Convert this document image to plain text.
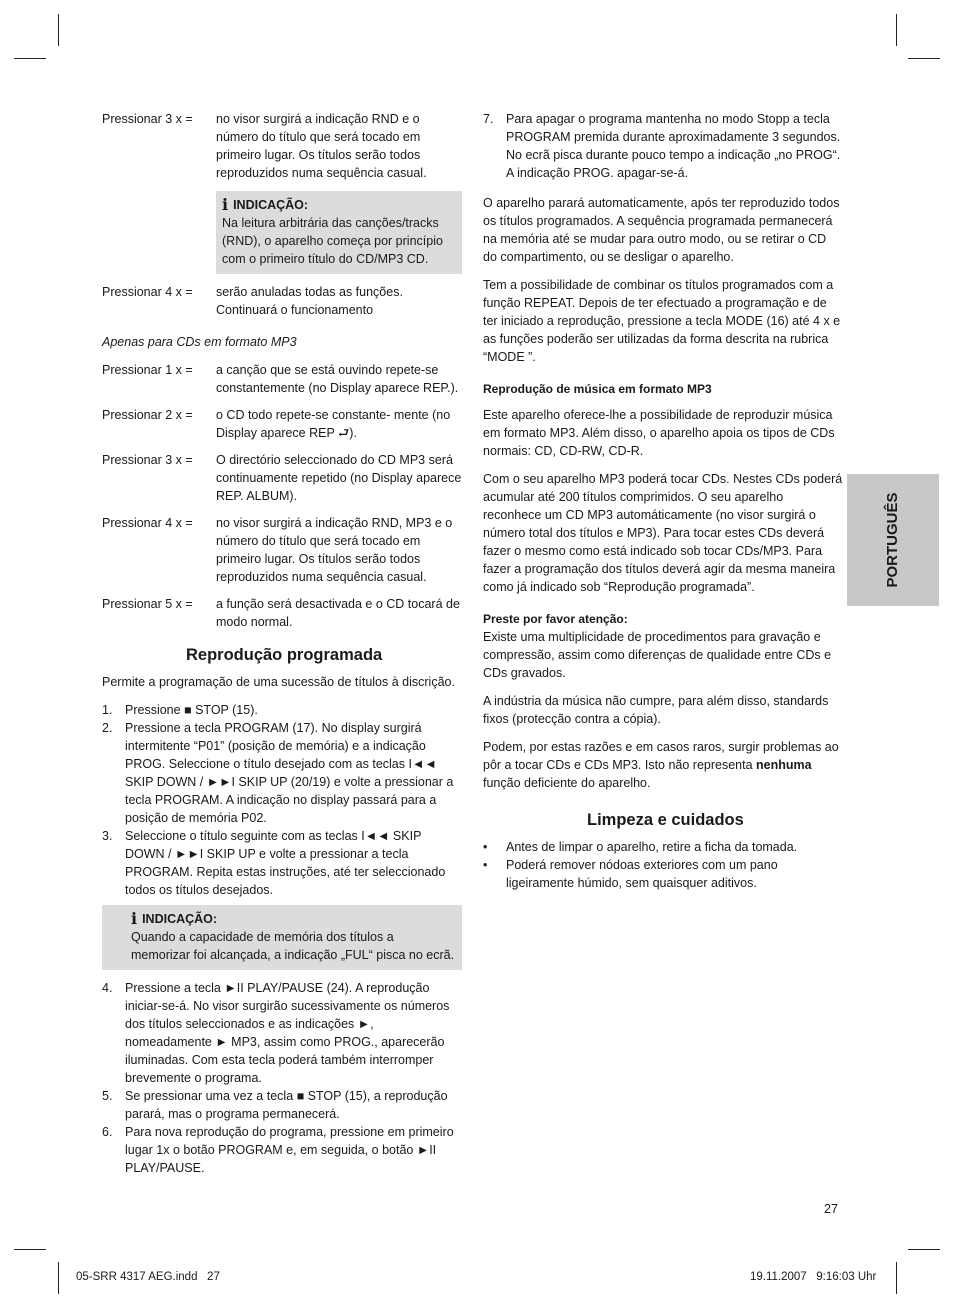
Pressionar 3 x =	no visor surgirá a indicação RND e o número do título que será tocado em primeiro lugar. Os títulos serão todos reproduzidos numa sequência casual.
i INDICAÇÃO:
Na leitura arbitrária das canções/tracks (RND), o aparelho começa por princípio com o primeiro título do CD/MP3 CD.
Pressionar 4 x =	serão anuladas todas as funções. Continuará o funcionamento
Apenas para CDs em formato MP3
Pressionar 1 x =	a canção que se está ouvindo repete-se constantemente (no Display aparece REP.).
Pressionar 2 x =	o CD todo repete-se constante- mente (no Display aparece REP ⮐).
Pressionar 3 x =	O directório seleccionado do CD MP3 será continuamente repetido (no Display aparece REP. ALBUM).
Pressionar 4 x =	no visor surgirá a indicação RND, MP3 e o número do título que será tocado em primeiro lugar. Os títulos serão todos reproduzidos numa sequência casual.
Pressionar 5 x =	a função será desactivada e o CD tocará de modo normal.
Reprodução programada

Permite a programação de uma sucessão de títulos à discrição.

1.	Pressione ■ STOP (15).
2.	Pressione a tecla PROGRAM (17). No display surgirá intermitente “P01” (posição de memória) e a indicação PROG. Seleccione o título desejado com as teclas I◄◄ SKIP DOWN / ►►I SKIP UP (20/19) e volte a pressionar a tecla PROGRAM. A indicação no display passará para a posição de memória P02.
3.	Seleccione o título seguinte com as teclas I◄◄ SKIP DOWN / ►►I SKIP UP e volte a pressionar a tecla PROGRAM. Repita estas instruções, até ter seleccionado todos os títulos desejados.
i INDICAÇÃO:
Quando a capacidade de memória dos títulos a memorizar foi alcançada, a indicação „FUL“ pisca no ecrã.
4.	Pressione a tecla ►II PLAY/PAUSE (24). A reprodução iniciar-se-á. No visor surgirão sucessivamente os números dos títulos seleccionados e as indicações ►, nomeadamente ► MP3, assim como PROG., aparecerão iluminadas. Com esta tecla poderá também interromper brevemente o programa.
5.	Se pressionar uma vez a tecla ■ STOP (15), a reprodução parará, mas o programa permanecerá.
6.	Para nova reprodução do programa, pressione em primeiro lugar 1x o botão PROGRAM e, em seguida, o botão ►II PLAY/PAUSE.
7.	Para apagar o programa mantenha no modo Stopp a tecla PROGRAM premida durante aproximadamente 3 segundos. No ecrã pisca durante pouco tempo a indicação „no PROG“. A indicação PROG. apagar-se-á.

O aparelho parará automaticamente, após ter reproduzido todos os títulos programados. A sequência programada permanecerá na memória até se mudar para outro modo, ou se retirar o CD do compartimento, ou se desligar o aparelho.

Tem a possibilidade de combinar os títulos programados com a função REPEAT. Depois de ter efectuado a programação e de ter iniciado a reprodução, pressione a tecla MODE (16) até 4 x e as funções poderão ser utilizadas da forma descrita na rubrica “MODE ”.

Reprodução de música em formato MP3

Este aparelho oferece-lhe a possibilidade de reproduzir música em formato MP3. Além disso, o aparelho apoia os tipos de CDs normais: CD, CD-RW, CD-R.

Com o seu aparelho MP3 poderá tocar CDs. Nestes CDs poderá acumular até 200 títulos comprimidos. O seu aparelho reconhece um CD MP3 automáticamente (no visor surgirá o número total dos títulos e MP3). Para tocar estes CDs deverá fazer o mesmo como está indicado sob tocar CDs/MP3. Para fazer a programação dos títulos deverá agir da mesma maneira como já indicado sob “Reprodução programada”.

Preste por favor atenção:

Existe uma multiplicidade de procedimentos para gravação e compressão, assim como diferenças de qualidade entre CDs e CDs gravados.

A indústria da música não cumpre, para além disso, standards fixos (protecção contra a cópia).

Podem, por estas razões e em casos raros, surgir problemas ao pôr a tocar CDs e CDs MP3. Isto não representa nenhuma função deficiente do aparelho.

Limpeza e cuidados
•	Antes de limpar o aparelho, retire a ficha da tomada.
•	Poderá remover nódoas exteriores com um pano ligeiramente húmido, sem quaisquer aditivos.
PORTUGUÊS
27
05-SRR 4317 AEG.indd   27	19.11.2007   9:16:03 Uhr
